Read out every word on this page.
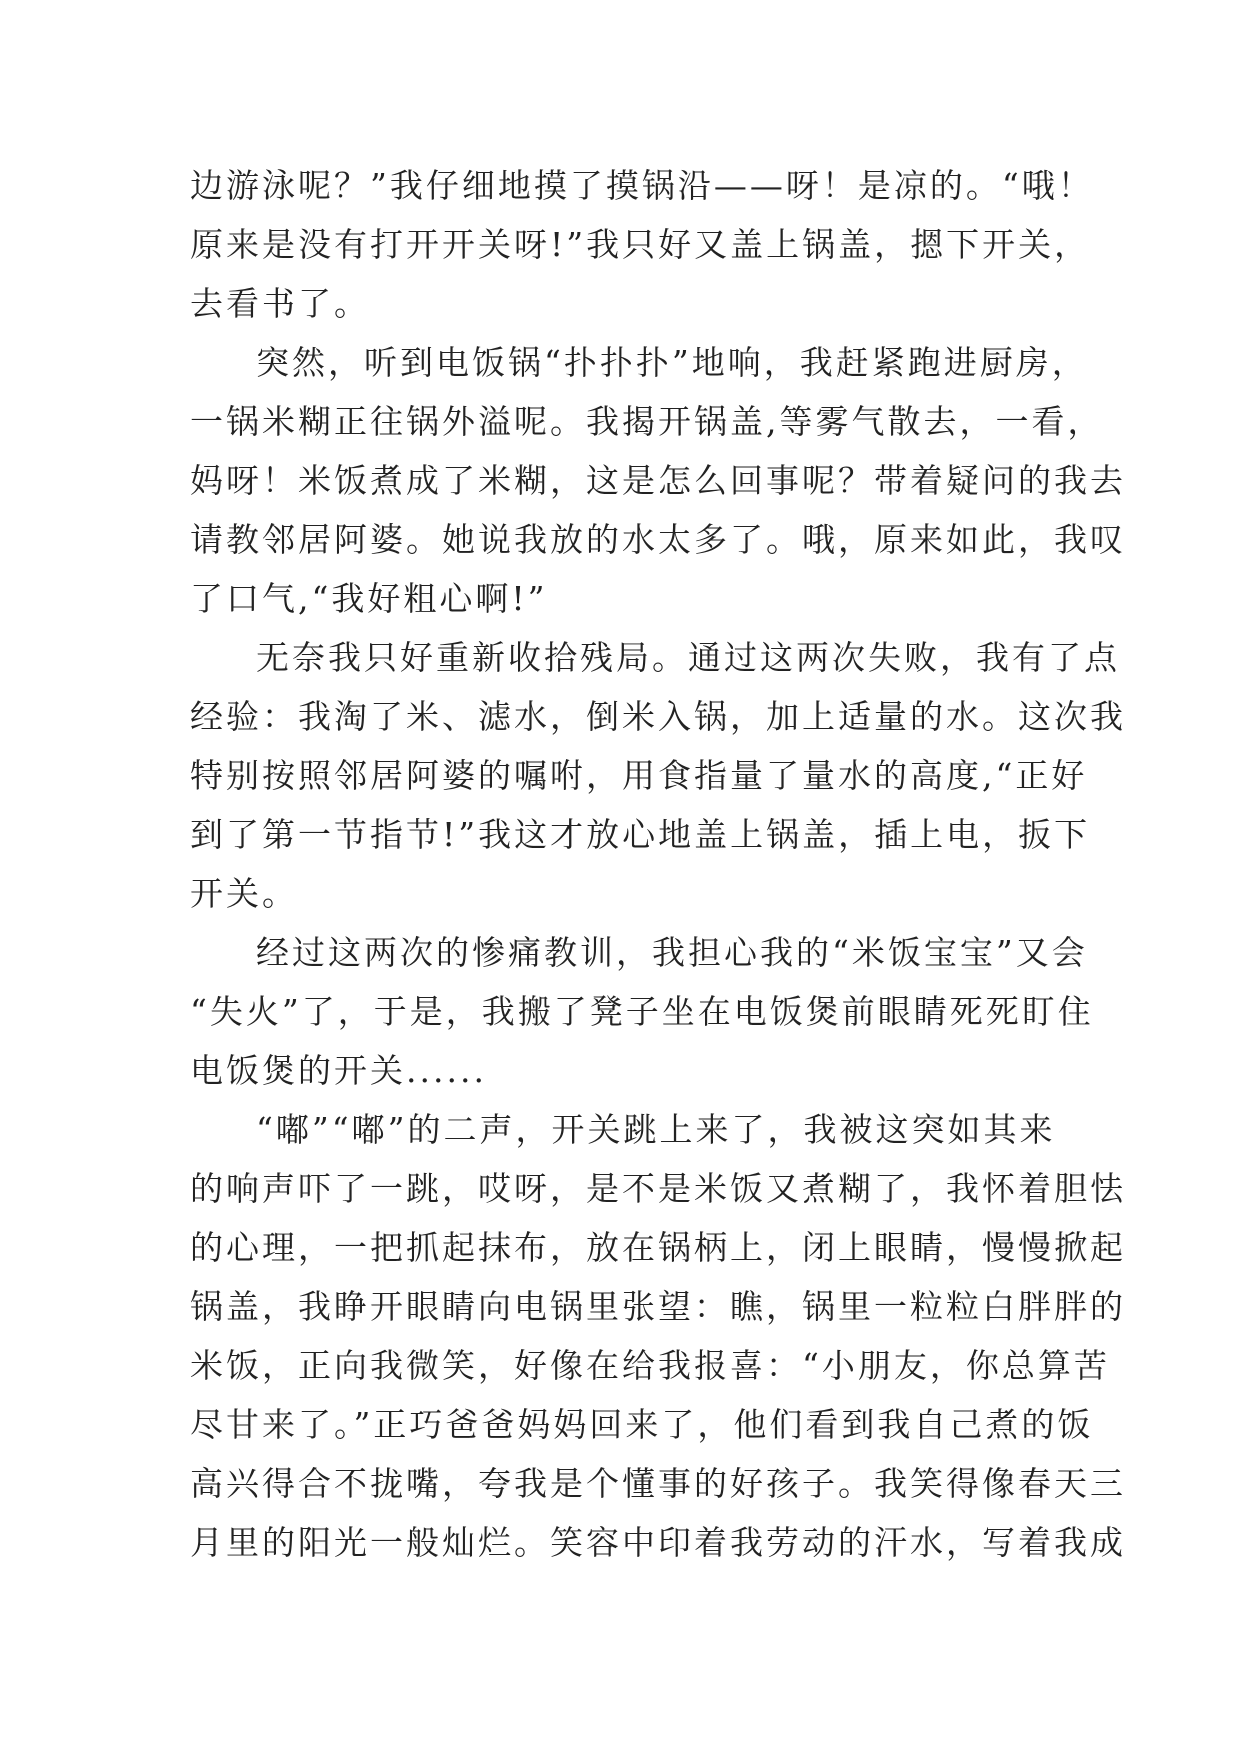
边游泳呢？”我仔细地摸了摸锅沿——呀！是凉的。“哦！
原来是没有打开开关呀!”我只好又盖上锅盖，摁下开关，
去看书了。
突然，听到电饭锅“扑扑扑”地响，我赶紧跑进厨房，
一锅米糊正往锅外溢呢。我揭开锅盖,等雾气散去，一看，
妈呀！米饭煮成了米糊，这是怎么回事呢？带着疑问的我去
请教邻居阿婆。她说我放的水太多了。哦，原来如此，我叹
了口气,“我好粗心啊!”
无奈我只好重新收拾残局。通过这两次失败，我有了点
经验：我淘了米、滤水，倒米入锅，加上适量的水。这次我
特别按照邻居阿婆的嘱咐，用食指量了量水的高度,“正好
到了第一节指节!”我这才放心地盖上锅盖，插上电，扳下
开关。
经过这两次的惨痛教训，我担心我的“米饭宝宝”又会
“失火”了，于是，我搬了凳子坐在电饭煲前眼睛死死盯住
电饭煲的开关......
“嘟”“嘟”的二声，开关跳上来了，我被这突如其来
的响声吓了一跳，哎呀，是不是米饭又煮糊了，我怀着胆怯
的心理，一把抓起抹布，放在锅柄上，闭上眼睛，慢慢掀起
锅盖，我睁开眼睛向电锅里张望：瞧，锅里一粒粒白胖胖的
米饭，正向我微笑，好像在给我报喜：“小朋友，你总算苦
尽甘来了。”正巧爸爸妈妈回来了，他们看到我自己煮的饭
高兴得合不拢嘴，夸我是个懂事的好孩子。我笑得像春天三
月里的阳光一般灿烂。笑容中印着我劳动的汗水，写着我成
